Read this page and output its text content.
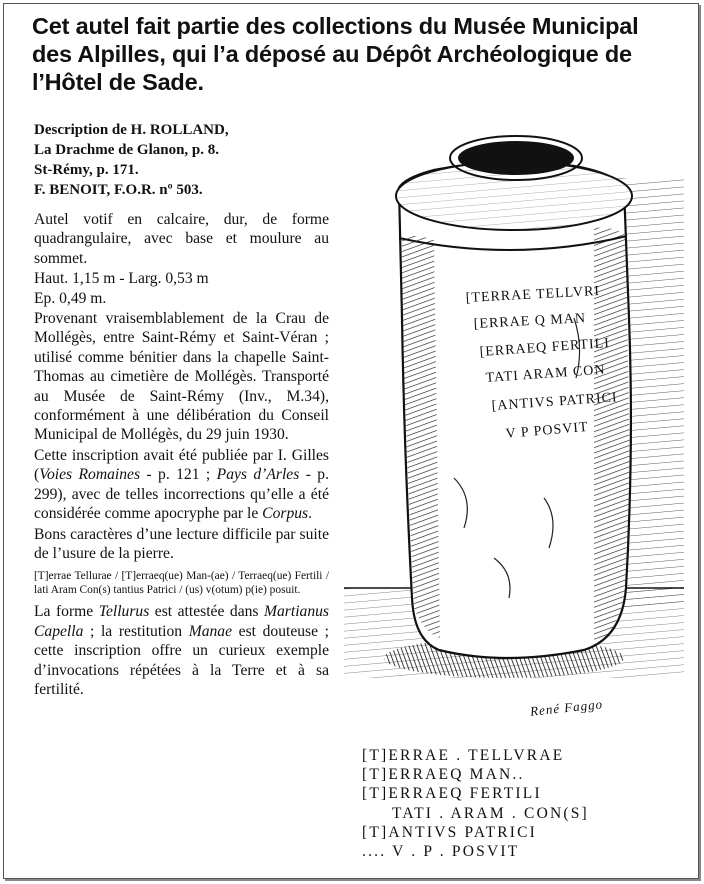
Cet autel fait partie des collections du Musée Municipal des Alpilles, qui l’a déposé au Dépôt Archéologique de l’Hôtel de Sade.
Description de H. ROLLAND,
La Drachme de Glanon, p. 8.
St-Rémy, p. 171.
F. BENOIT, F.O.R. nº 503.

Autel votif en calcaire, dur, de forme quadrangulaire, avec base et moulure au sommet.

Haut. 1,15 m - Larg. 0,53 m
Ep. 0,49 m.

Provenant vraisemblablement de la Crau de Mollégès, entre Saint-Rémy et Saint-Véran ; utilisé comme bénitier dans la chapelle Saint-Thomas au cimetière de Mollégès. Transporté au Musée de Saint-Rémy (Inv., M.34), conformément à une délibération du Conseil Municipal de Mollégès, du 29 juin 1930.

Cette inscription avait été publiée par I. Gilles (Voies Romaines - p. 121 ; Pays d’Arles - p. 299), avec de telles incorrections qu’elle a été considérée comme apocryphe par le Corpus.

Bons caractères d’une lecture difficile par suite de l’usure de la pierre.

[T]errae Tellurae / [T]erraeq(ue) Man-(ae) / Terraeq(ue) Fertili / lati Aram Con(s) tantius Patrici / (us) v(otum) p(ie) posuit.

La forme Tellurus est attestée dans Martianus Capella ; la restitution Manae est douteuse ; cette inscription offre un curieux exemple d’invocations répétées à la Terre et à sa fertilité.

[TERRAE TELLVRI
[ERRAE Q MAN
[ERRAEQ FERTILI
TATI ARAM CON
[ANTIVS PATRICI
V P POSVIT
René Faggo
[T]ERRAE . TELLVRAE
[T]ERRAEQ MAN..
[T]ERRAEQ FERTILI
TATI . ARAM . CON(S]
[T]ANTIVS PATRICI
.... V . P . POSVIT
